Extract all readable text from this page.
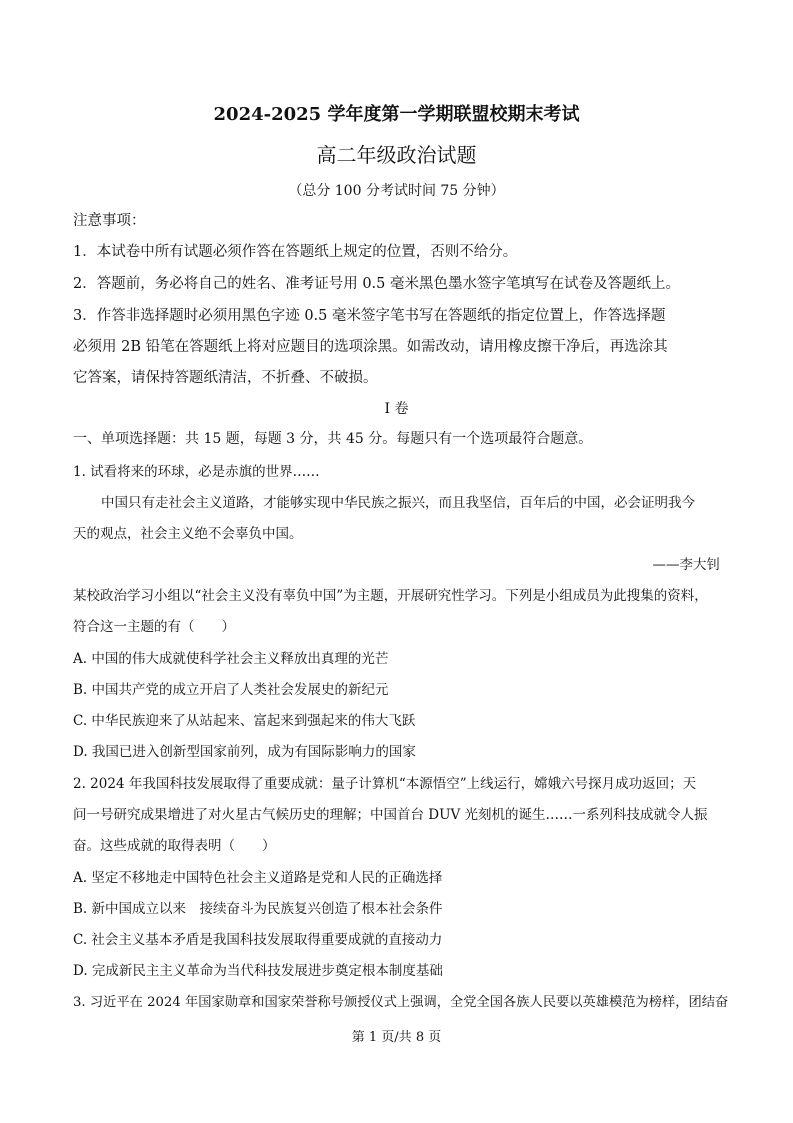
2024-2025 学年度第一学期联盟校期末考试
高二年级政治试题
（总分 100 分考试时间 75 分钟）
注意事项：
1．本试卷中所有试题必须作答在答题纸上规定的位置，否则不给分。
2．答题前，务必将自己的姓名、准考证号用 0.5 毫米黑色墨水签字笔填写在试卷及答题纸上。
3．作答非选择题时必须用黑色字迹 0.5 毫米签字笔书写在答题纸的指定位置上，作答选择题
必须用 2B 铅笔在答题纸上将对应题目的选项涂黑。如需改动，请用橡皮擦干净后，再选涂其
它答案，请保持答题纸清洁，不折叠、不破损。
I 卷
一、单项选择题：共 15 题，每题 3 分，共 45 分。每题只有一个选项最符合题意。
1. 试看将来的环球，必是赤旗的世界……
中国只有走社会主义道路，才能够实现中华民族之振兴，而且我坚信，百年后的中国，必会证明我今
天的观点，社会主义绝不会辜负中国。
——李大钊
某校政治学习小组以“社会主义没有辜负中国”为主题，开展研究性学习。下列是小组成员为此搜集的资料，
符合这一主题的有（　　）
A. 中国的伟大成就使科学社会主义释放出真理的光芒
B. 中国共产党的成立开启了人类社会发展史的新纪元
C. 中华民族迎来了从站起来、富起来到强起来的伟大飞跃
D. 我国已进入创新型国家前列，成为有国际影响力的国家
2. 2024 年我国科技发展取得了重要成就：量子计算机“本源悟空”上线运行，嫦娥六号探月成功返回；天
问一号研究成果增进了对火星古气候历史的理解；中国首台 DUV 光刻机的诞生……一系列科技成就令人振
奋。这些成就的取得表明（　　）
A. 坚定不移地走中国特色社会主义道路是党和人民的正确选择
B. 新中国成立以来　接续奋斗为民族复兴创造了根本社会条件
C. 社会主义基本矛盾是我国科技发展取得重要成就的直接动力
D. 完成新民主主义革命为当代科技发展进步奠定根本制度基础
3. 习近平在 2024 年国家勋章和国家荣誉称号颁授仪式上强调，全党全国各族人民要以英雄模范为榜样，团结奋
第 1 页/共 8 页
